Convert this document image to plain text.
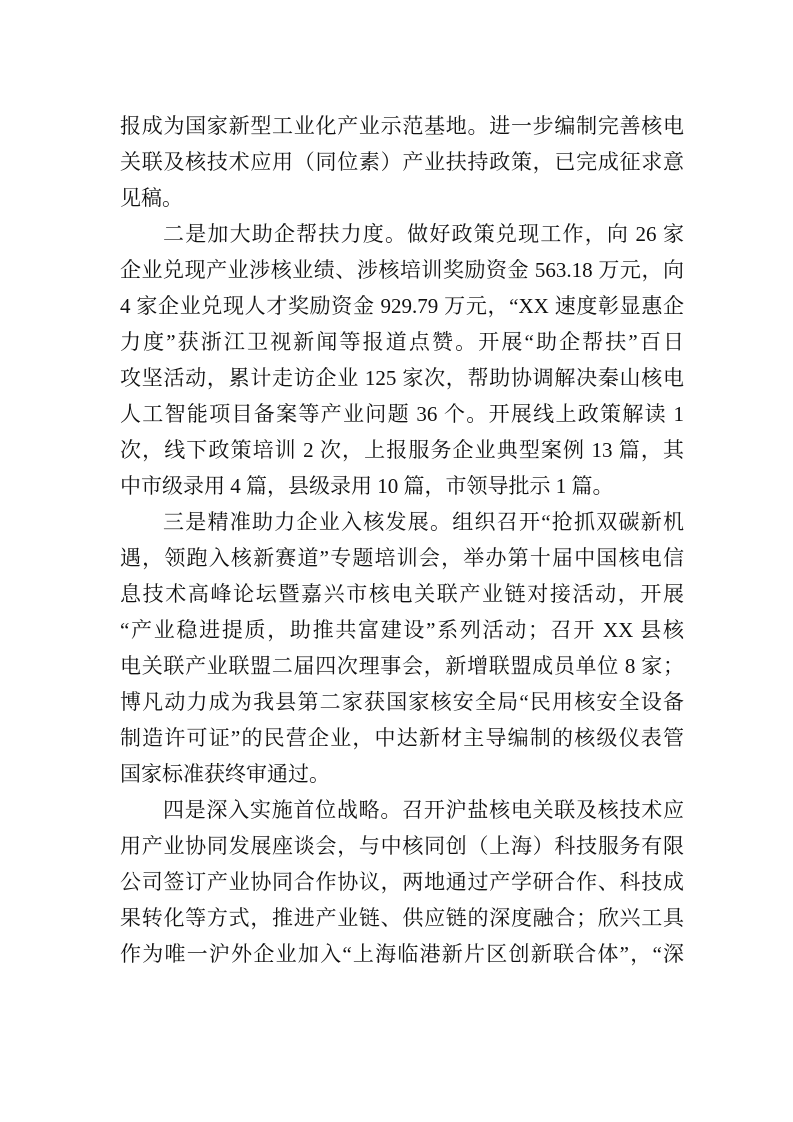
报成为国家新型工业化产业示范基地。进一步编制完善核电
关联及核技术应用（同位素）产业扶持政策，已完成征求意
见稿。
二是加大助企帮扶力度。做好政策兑现工作，向 26 家
企业兑现产业涉核业绩、涉核培训奖励资金 563.18 万元，向
4 家企业兑现人才奖励资金 929.79 万元，“XX 速度彰显惠企
力度”获浙江卫视新闻等报道点赞。开展“助企帮扶”百日
攻坚活动，累计走访企业 125 家次，帮助协调解决秦山核电
人工智能项目备案等产业问题 36 个。开展线上政策解读 1
次，线下政策培训 2 次，上报服务企业典型案例 13 篇，其
中市级录用 4 篇，县级录用 10 篇，市领导批示 1 篇。
三是精准助力企业入核发展。组织召开“抢抓双碳新机
遇，领跑入核新赛道”专题培训会，举办第十届中国核电信
息技术高峰论坛暨嘉兴市核电关联产业链对接活动，开展
“产业稳进提质，助推共富建设”系列活动；召开 XX 县核
电关联产业联盟二届四次理事会，新增联盟成员单位 8 家；
博凡动力成为我县第二家获国家核安全局“民用核安全设备
制造许可证”的民营企业，中达新材主导编制的核级仪表管
国家标准获终审通过。
四是深入实施首位战略。召开沪盐核电关联及核技术应
用产业协同发展座谈会，与中核同创（上海）科技服务有限
公司签订产业协同合作协议，两地通过产学研合作、科技成
果转化等方式，推进产业链、供应链的深度融合；欣兴工具
作为唯一沪外企业加入“上海临港新片区创新联合体”，“深
